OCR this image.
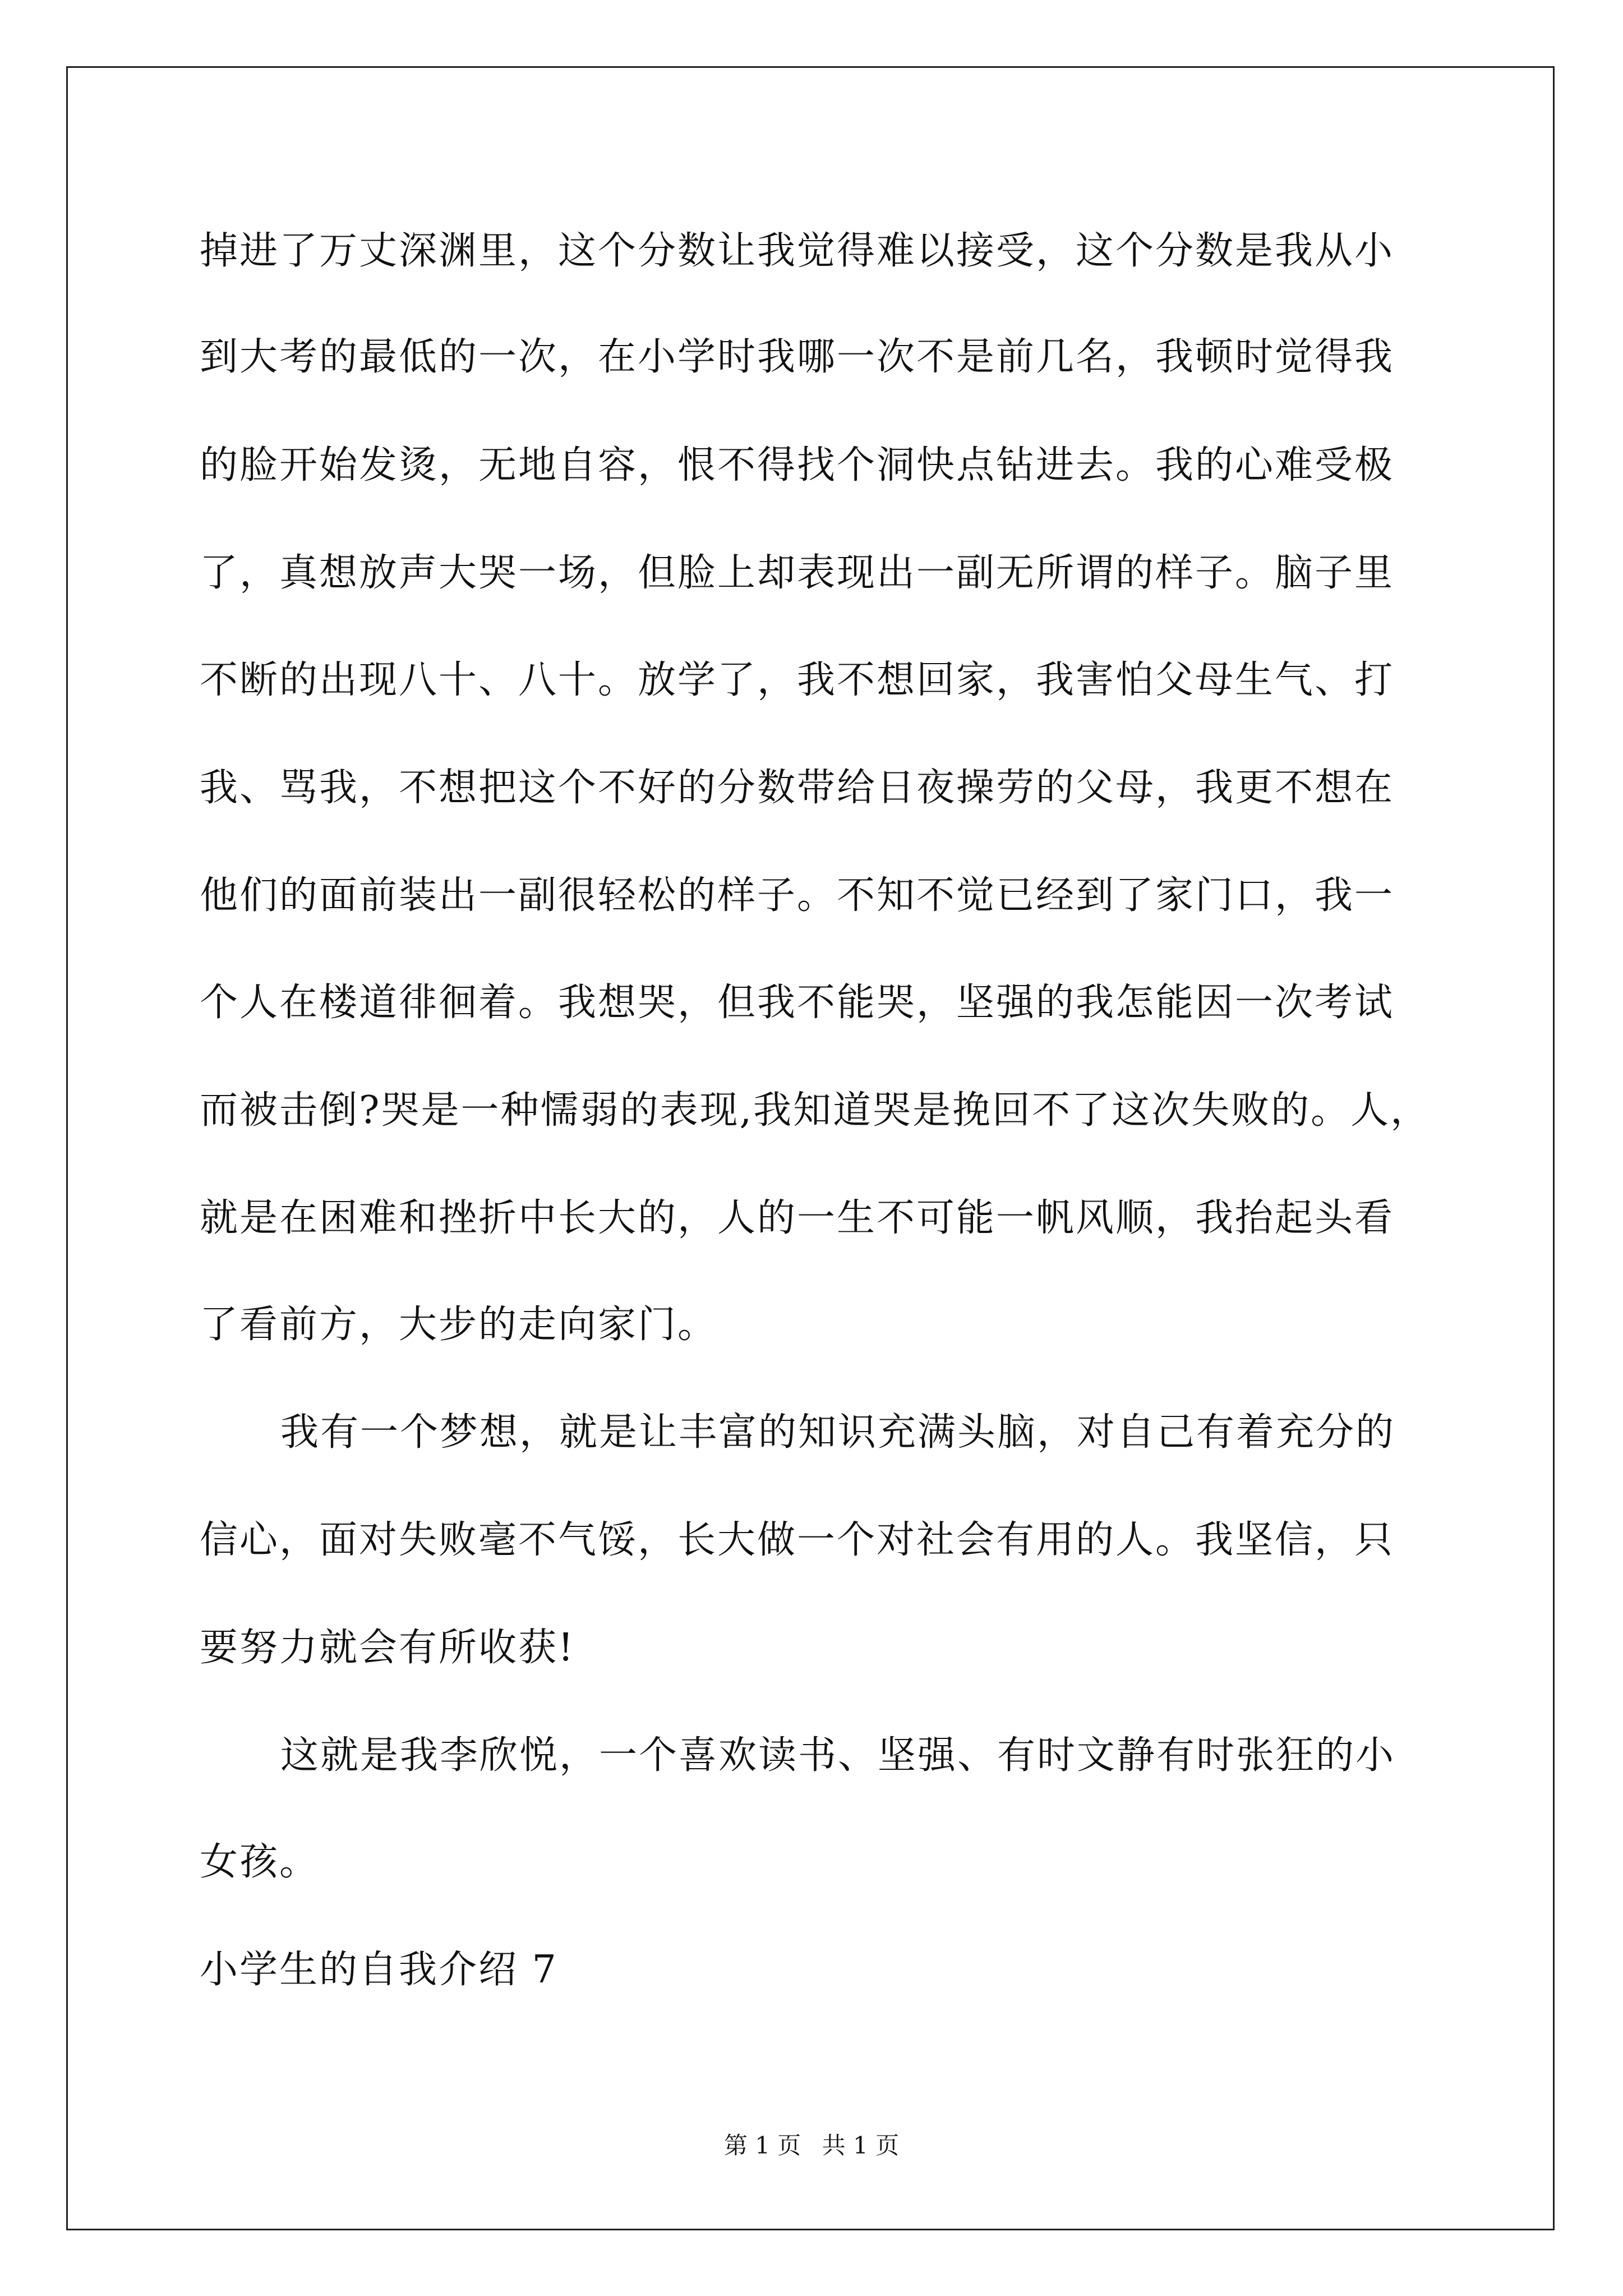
掉进了万丈深渊里，这个分数让我觉得难以接受，这个分数是我从小
到大考的最低的一次，在小学时我哪一次不是前几名，我顿时觉得我
的脸开始发烫，无地自容，恨不得找个洞快点钻进去。我的心难受极
了，真想放声大哭一场，但脸上却表现出一副无所谓的样子。脑子里
不断的出现八十、八十。放学了，我不想回家，我害怕父母生气、打
我、骂我，不想把这个不好的分数带给日夜操劳的父母，我更不想在
他们的面前装出一副很轻松的样子。不知不觉已经到了家门口，我一
个人在楼道徘徊着。我想哭，但我不能哭，坚强的我怎能因一次考试
而被击倒?哭是一种懦弱的表现,我知道哭是挽回不了这次失败的。人，
就是在困难和挫折中长大的，人的一生不可能一帆风顺，我抬起头看
了看前方，大步的走向家门。
我有一个梦想，就是让丰富的知识充满头脑，对自己有着充分的
信心，面对失败毫不气馁，长大做一个对社会有用的人。我坚信，只
要努力就会有所收获!
这就是我李欣悦，一个喜欢读书、坚强、有时文静有时张狂的小
女孩。
小学生的自我介绍 7
第 1 页 共 1 页
